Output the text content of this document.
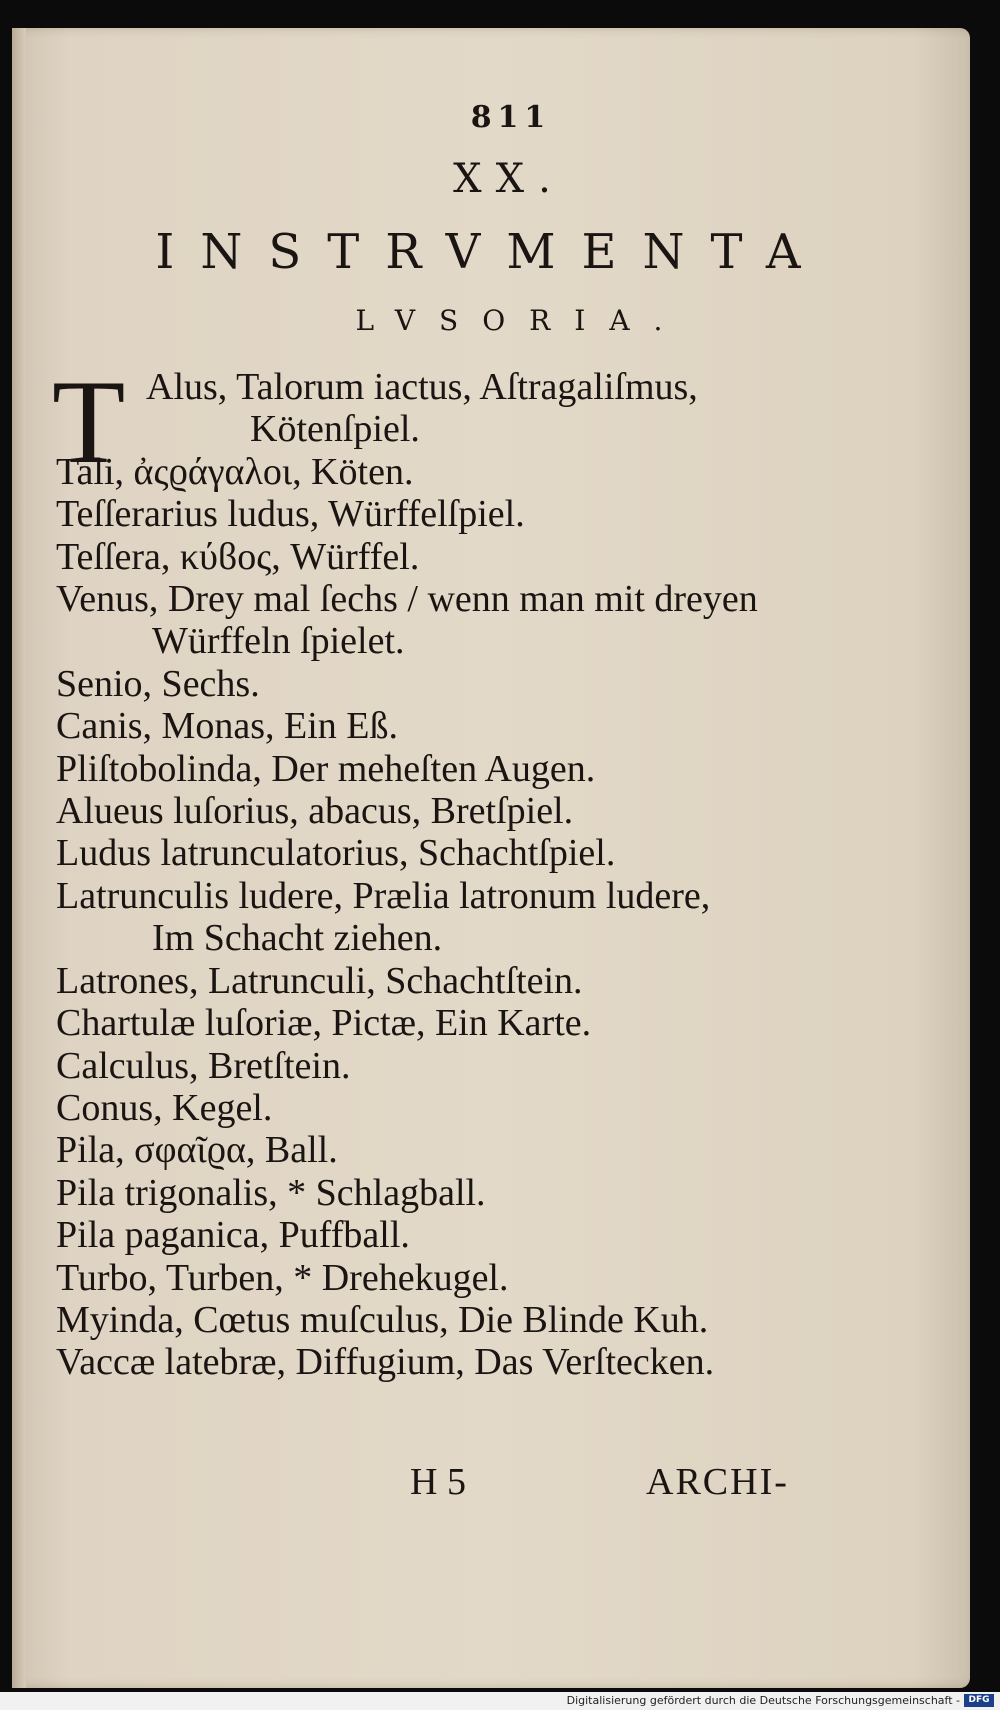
811
XX.
INSTRVMENTA
LVSORIA.
T Alus, Talorum iactus, Aſtragaliſmus,
Kötenſpiel.
Tali, ἀςϱάγαλοι, Köten.
Teſſerarius ludus, Würffelſpiel.
Teſſera, κύϐος, Würffel.
Venus, Drey mal ſechs / wenn man mit dreyen
Würffeln ſpielet.
Senio, Sechs.
Canis, Monas, Ein Eß.
Pliſtobolinda, Der meheſten Augen.
Alueus luſorius, abacus, Bretſpiel.
Ludus latrunculatorius, Schachtſpiel.
Latrunculis ludere, Prælia latronum ludere,
Im Schacht ziehen.
Latrones, Latrunculi, Schachtſtein.
Chartulæ luſoriæ, Pictæ, Ein Karte.
Calculus, Bretſtein.
Conus, Kegel.
Pila, σφαῖϱα, Ball.
Pila trigonalis, * Schlagball.
Pila paganica, Puffball.
Turbo, Turben, * Drehekugel.
Myinda, Cœtus muſculus, Die Blinde Kuh.
Vaccæ latebræ, Diffugium, Das Verſtecken.
H 5	ARCHI-
Digitalisierung gefördert durch die Deutsche Forschungsgemeinschaft - DFG
